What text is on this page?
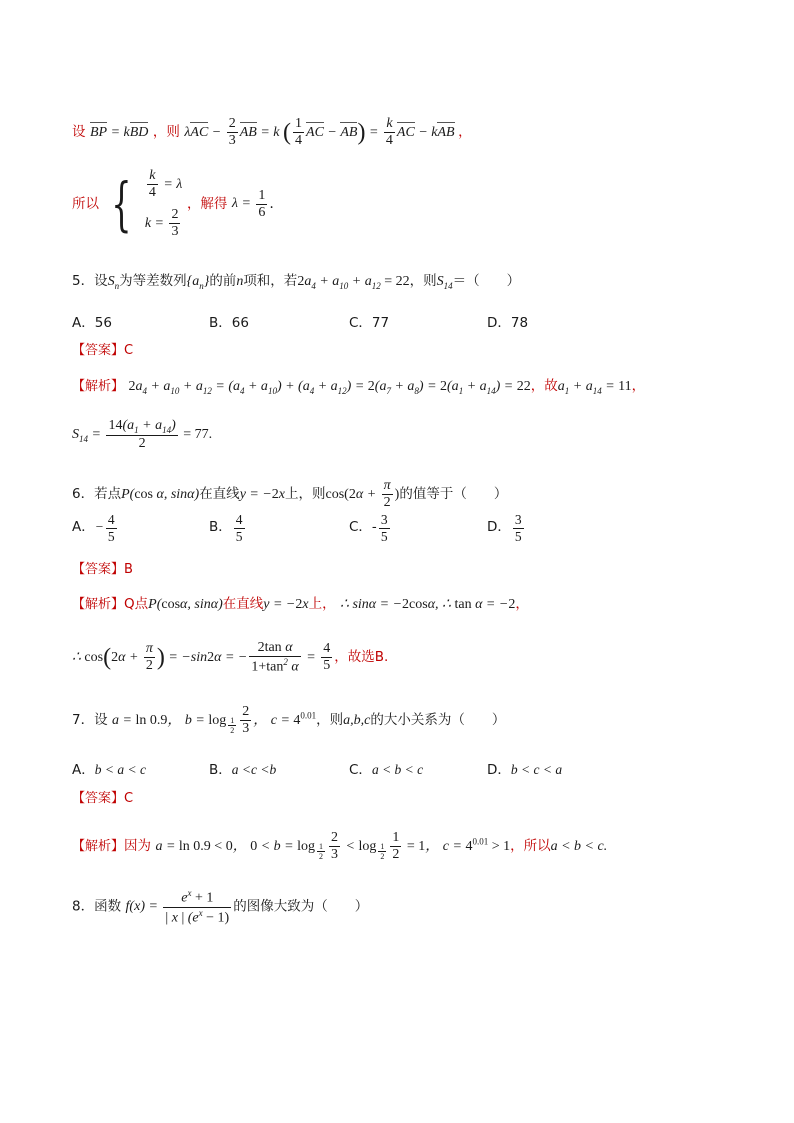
设 BP = kBD ，则 $\lambda AC - \frac{2}{3}$ AB = k ( $\frac{1}{4}$ AC − $AB) = \frac{k}{4}$ AC − kAB ，
所以 { $\frac{k}{4} = \lambda$
$k = \frac{2}{3}$
，解得 $\lambda = \frac{1}{6}$ .
5．设$S_n$为等差数列$\{a_n\}$的前n项和，若$2a_4 + a_{10} + a_{12} = 22$，则$S_{14}=$（　　）
A．56	B．66	C．77	D．78
【答案】C
【解析】 $2a_4 + a_{10} + a_{12} = (a_4 + a_{10}) + (a_4 + a_{12}) = 2(a_7 + a_8) = 2(a_1 + a_{14}) = 22$，故$a_1 + a_{14} = 11$，
$S_{14} = \frac{14(a_1 + a_{14})}{2} = 77$.
6．若点P(cos α, sinα)在直线y = −2x上，则$\cos(2\alpha + \frac{\pi}{2}$ )的值等于（　　）
A．− $\frac{4}{5}$	B． $\frac{4}{5}$	C．- $\frac{3}{5}$	D． $\frac{3}{5}$
【答案】B
【解析】Q点P(cosα, sinα)在直线y = −2x上， ∴ sinα = −2cosα, ∴ tan α = −2，
∴ $\cos(2\alpha + \frac{\pi}{2}$ ) = −sin2α = − $\frac{\text{2tan α}}{1+\tan^2 \alpha} = \frac{4}{5}$ ，故选B.
7．设 a = ln 0.9， $b = \log _{\frac{1}{2}} \frac{2}{3}$ ， $c = 4^{0.01}$，则a,b,c的大小关系为（　　）
A．b < a < c	B．a <c <b	C．a < b < c	D．b < c < a
【答案】C
【解析】因为 a = ln 0.9 < 0， $0 < b = \log _{\frac{1}{2}} \frac{2}{3} < \log _{\frac{1}{2}} \frac{1}{2} = 1$， $c = 4^{0.01} > 1$，所以a < b < c.
8．函数 $f(x) = \frac{e^x + 1}{| x | (e^x - 1)}$ 的图像大致为（　　）
